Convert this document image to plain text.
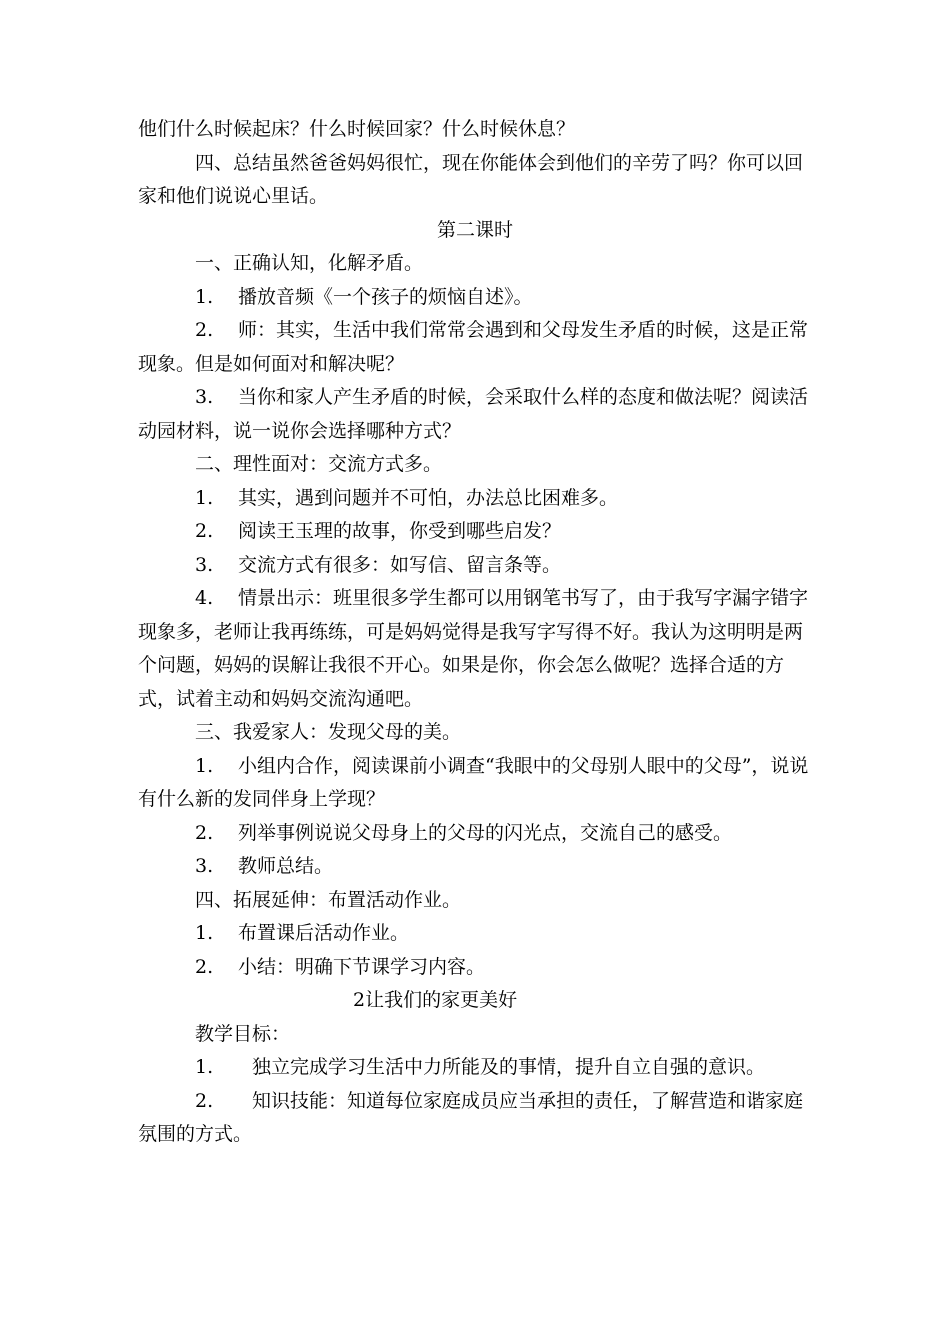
他们什么时候起床？什么时候回家？什么时候休息？

四、总结虽然爸爸妈妈很忙，现在你能体会到他们的辛劳了吗？你可以回家和他们说说心里话。

第二课时

一、正确认知，化解矛盾。

1. 播放音频《一个孩子的烦恼自述》。

2. 师：其实，生活中我们常常会遇到和父母发生矛盾的时候，这是正常现象。但是如何面对和解决呢？

3. 当你和家人产生矛盾的时候，会采取什么样的态度和做法呢？阅读活动园材料，说一说你会选择哪种方式？

二、理性面对：交流方式多。

1. 其实，遇到问题并不可怕，办法总比困难多。

2. 阅读王玉理的故事，你受到哪些启发？

3. 交流方式有很多：如写信、留言条等。

4. 情景出示：班里很多学生都可以用钢笔书写了，由于我写字漏字错字现象多，老师让我再练练，可是妈妈觉得是我写字写得不好。我认为这明明是两个问题，妈妈的误解让我很不开心。如果是你，你会怎么做呢？选择合适的方式，试着主动和妈妈交流沟通吧。

三、我爱家人：发现父母的美。

1. 小组内合作，阅读课前小调查“我眼中的父母别人眼中的父母”，说说有什么新的发同伴身上学现？

2. 列举事例说说父母身上的父母的闪光点，交流自己的感受。

3. 教师总结。

四、拓展延伸：布置活动作业。

1. 布置课后活动作业。

2. 小结：明确下节课学习内容。

2让我们的家更美好

教学目标：

1. 独立完成学习生活中力所能及的事情，提升自立自强的意识。

2. 知识技能：知道每位家庭成员应当承担的责任，了解营造和谐家庭氛围的方式。
